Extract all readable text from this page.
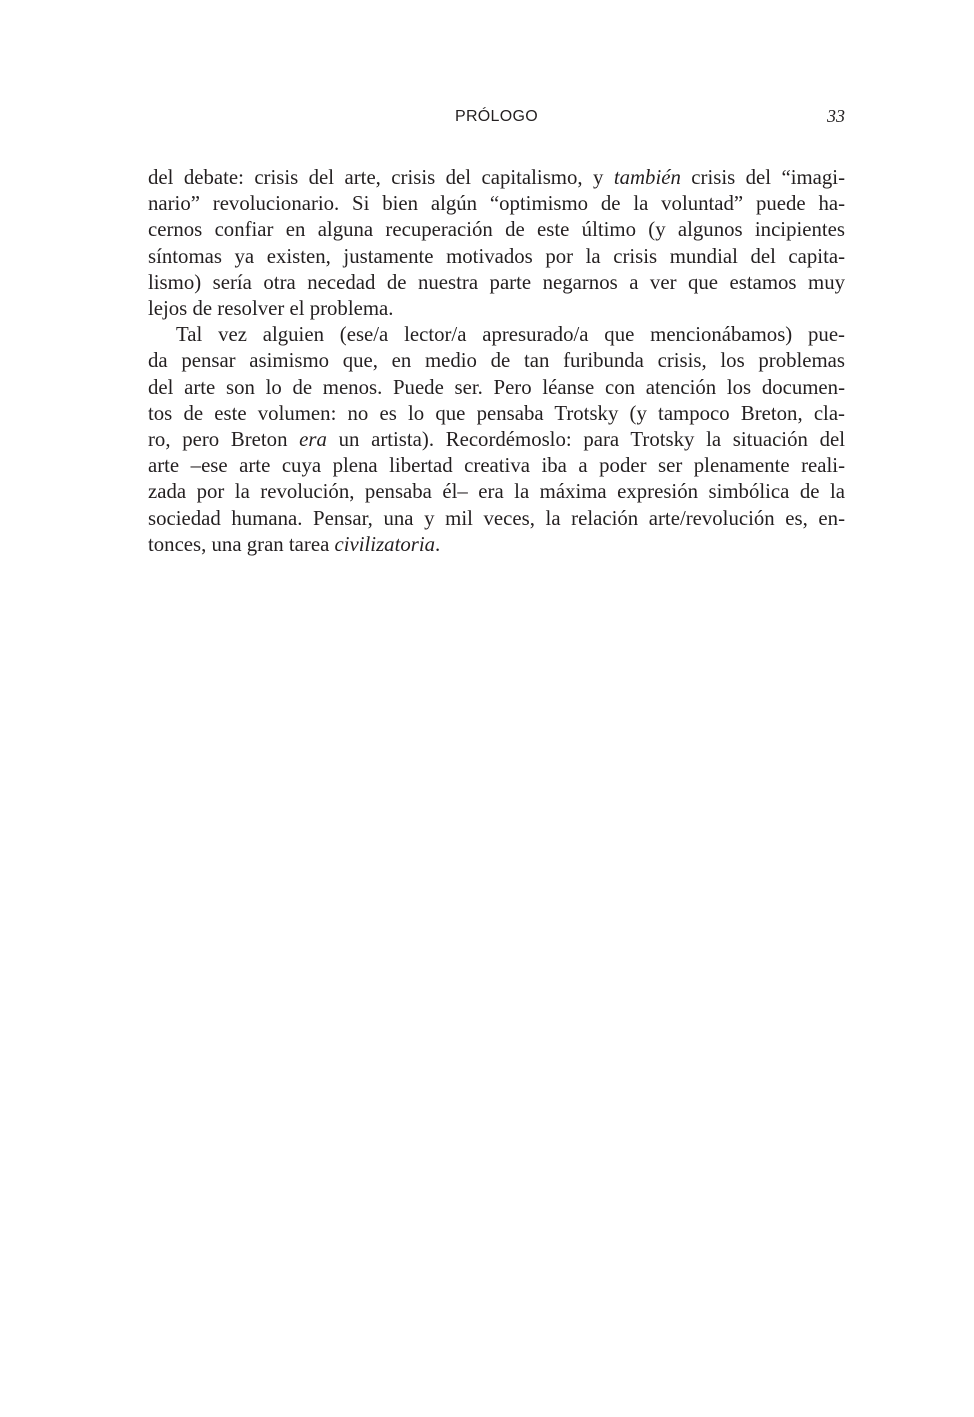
PRÓLOGO	33
del debate: crisis del arte, crisis del capitalismo, y también crisis del “imagi-
nario” revolucionario. Si bien algún “optimismo de la voluntad” puede ha-
cernos confiar en alguna recuperación de este último (y algunos incipientes
síntomas ya existen, justamente motivados por la crisis mundial del capita-
lismo) sería otra necedad de nuestra parte negarnos a ver que estamos muy
lejos de resolver el problema.
Tal vez alguien (ese/a lector/a apresurado/a que mencionábamos) pue-
da pensar asimismo que, en medio de tan furibunda crisis, los problemas
del arte son lo de menos. Puede ser. Pero léanse con atención los documen-
tos de este volumen: no es lo que pensaba Trotsky (y tampoco Breton, cla-
ro, pero Breton era un artista). Recordémoslo: para Trotsky la situación del
arte –ese arte cuya plena libertad creativa iba a poder ser plenamente reali-
zada por la revolución, pensaba él– era la máxima expresión simbólica de la
sociedad humana. Pensar, una y mil veces, la relación arte/revolución es, en-
tonces, una gran tarea civilizatoria.
